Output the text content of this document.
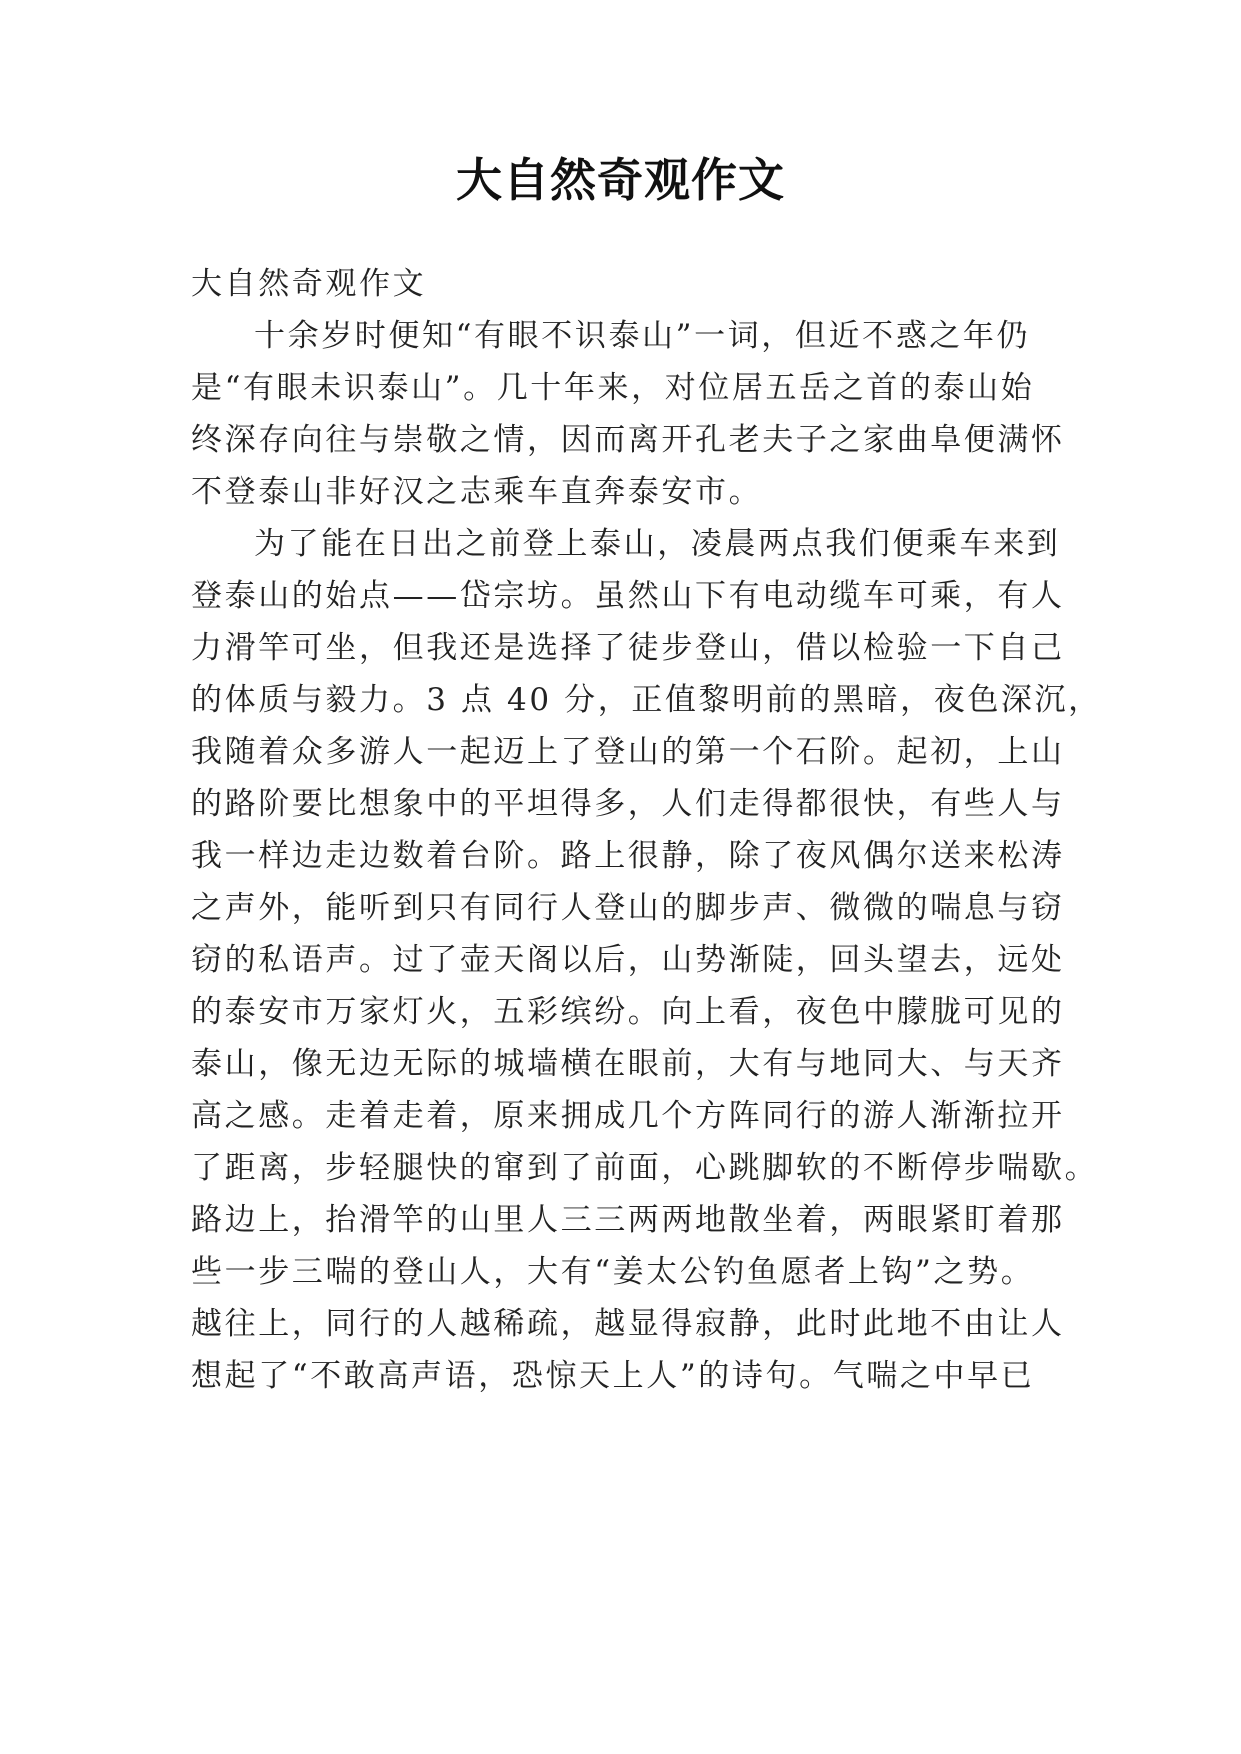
大自然奇观作文
大自然奇观作文
十余岁时便知“有眼不识泰山”一词，但近不惑之年仍
是“有眼未识泰山”。几十年来，对位居五岳之首的泰山始
终深存向往与崇敬之情，因而离开孔老夫子之家曲阜便满怀
不登泰山非好汉之志乘车直奔泰安市。
为了能在日出之前登上泰山，凌晨两点我们便乘车来到
登泰山的始点——岱宗坊。虽然山下有电动缆车可乘，有人
力滑竿可坐，但我还是选择了徒步登山，借以检验一下自己
的体质与毅力。3 点 40 分，正值黎明前的黑暗，夜色深沉，
我随着众多游人一起迈上了登山的第一个石阶。起初，上山
的路阶要比想象中的平坦得多，人们走得都很快，有些人与
我一样边走边数着台阶。路上很静，除了夜风偶尔送来松涛
之声外，能听到只有同行人登山的脚步声、微微的喘息与窃
窃的私语声。过了壶天阁以后，山势渐陡，回头望去，远处
的泰安市万家灯火，五彩缤纷。向上看，夜色中朦胧可见的
泰山，像无边无际的城墙横在眼前，大有与地同大、与天齐
高之感。走着走着，原来拥成几个方阵同行的游人渐渐拉开
了距离，步轻腿快的窜到了前面，心跳脚软的不断停步喘歇。
路边上，抬滑竿的山里人三三两两地散坐着，两眼紧盯着那
些一步三喘的登山人，大有“姜太公钓鱼愿者上钩”之势。
越往上，同行的人越稀疏，越显得寂静，此时此地不由让人
想起了“不敢高声语，恐惊天上人”的诗句。气喘之中早已
